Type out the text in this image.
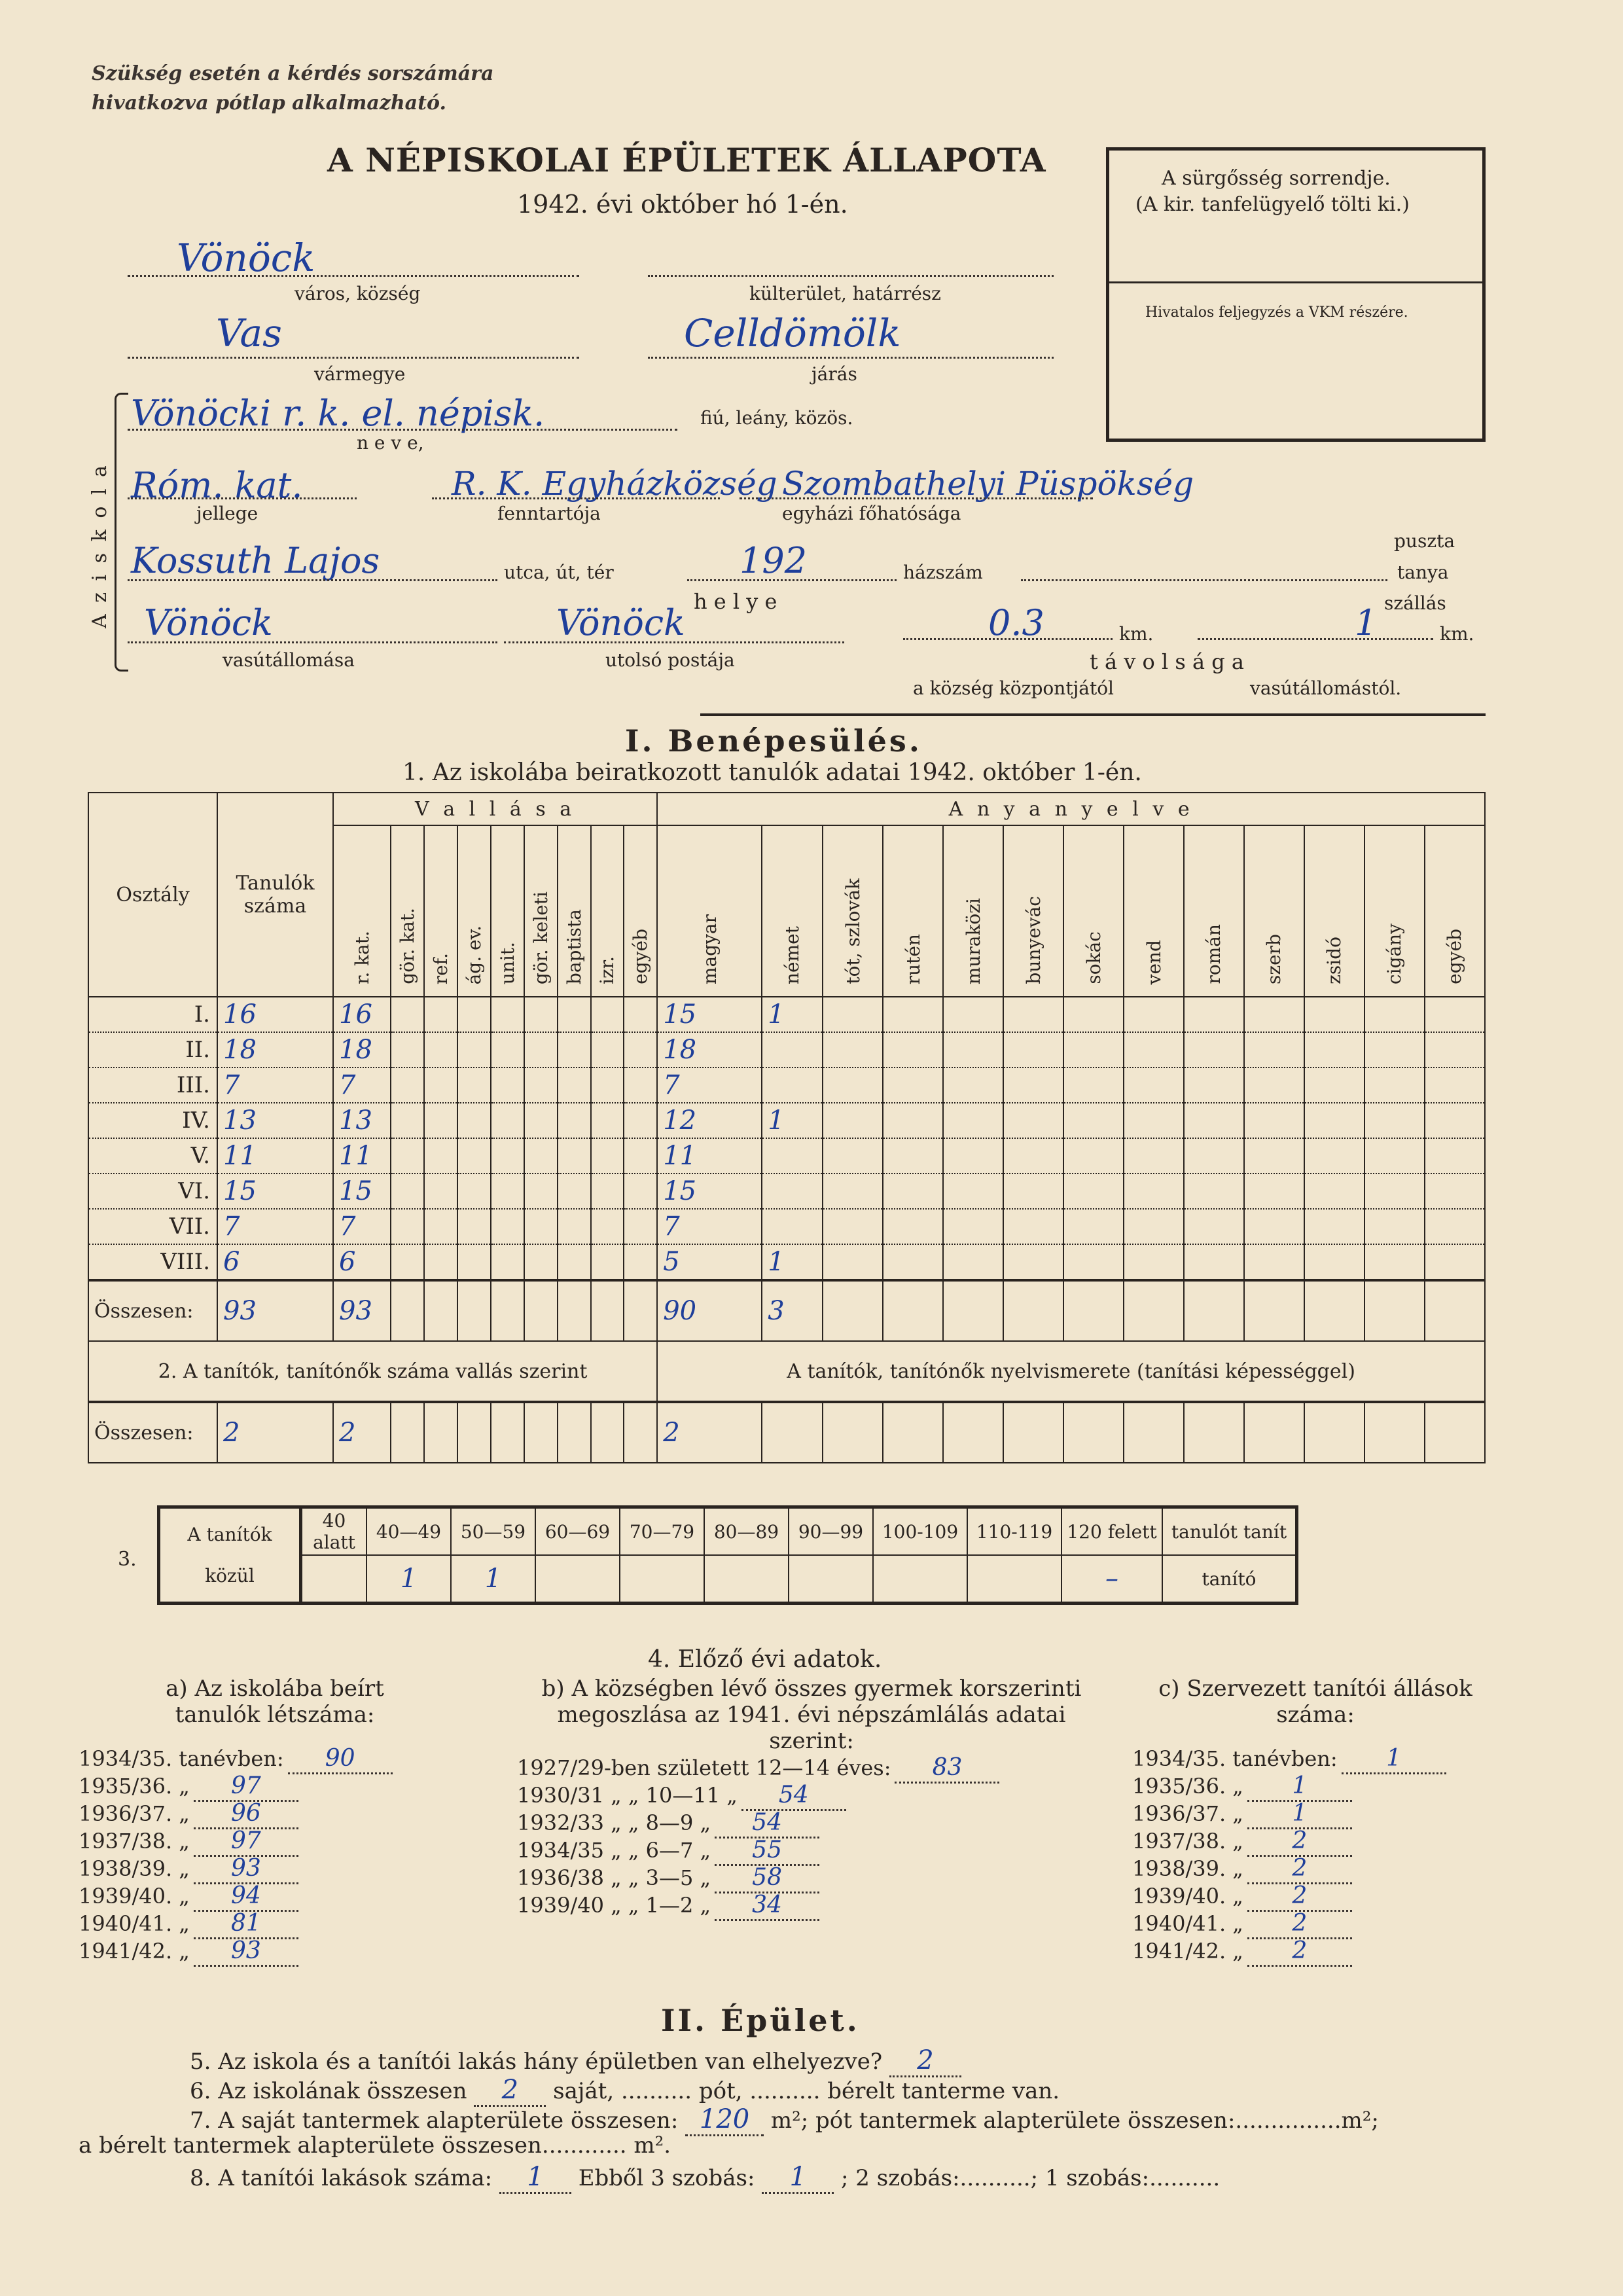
Szükség esetén a kérdés sorszámára
hivatkozva pótlap alkalmazható.
A NÉPISKOLAI ÉPÜLETEK ÁLLAPOTA
1942. évi október hó 1-én.
A sürgősség sorrendje.
(A kir. tanfelügyelő tölti ki.)
Hivatalos feljegyzés a VKM részére.
Vönöck
város, község	külterület, határrész
Vas
vármegye
Celldömölk
járás
A z i s k o l a
Vönöcki r. k. el. népisk.
n e v e,
fiú, leány, közös.
Róm. kat.
jellege
R. K. Egyházközség
fenntartója
Szombathelyi Püspökség
egyházi főhatósága
puszta
Kossuth Lajos	utca, út, tér	192	házszám	tanya
h e l y e	szállás
Vönöck
vasútállomása
Vönöck
utolsó postája
0.3	km.	1	km.
t á v o l s á g a
a község központjától	vasútállomástól.
I. Benépesülés.
1. Az iskolába beiratkozott tanulók adatai 1942. október 1-én.
Osztály	Tanulók száma	V a l l á s a									A n y a n y e l v e												
		r. kat.	gör. kat.	ref.	ág. ev.	unit.	gör. keleti	baptista	izr.	egyéb	magyar	német	tót, szlovák	rutén	muraközi	bunyevác	sokác	vend	román	szerb	zsidó	cigány	egyéb
I.	16	16									15	1											
II.	18	18									18												
III.	7	7									7												
IV.	13	13									12	1											
V.	11	11									11												
VI.	15	15									15												
VII.	7	7									7												
VIII.	6	6									5	1											
Összesen:	93	93									90	3											
2. A tanítók, tanítónők száma vallás szerint											A tanítók, tanítónők nyelvismerete (tanítási képességgel)												
Összesen:	2	2									2												
3.
A tanítók
közül	40 alatt	40—49	50—59	60—69	70—79	80—89	90—99	100-109	110-119	120 felett	tanulót tanít
		1	1							–	tanító
4. Előző évi adatok.
a) Az iskolába beírt
tanulók létszáma:
1934/35. tanévben: 90
1935/36. „ 97
1936/37. „ 96
1937/38. „ 97
1938/39. „ 93
1939/40. „ 94
1940/41. „ 81
1941/42. „ 93
b) A községben lévő összes gyermek korszerinti
megoszlása az 1941. évi népszámlálás adatai
szerint:
1927/29-ben született 12—14 éves: 83
1930/31 „ „ 10—11 „ 54
1932/33 „ „ 8—9 „ 54
1934/35 „ „ 6—7 „ 55
1936/38 „ „ 3—5 „ 58
1939/40 „ „ 1—2 „ 34
c) Szervezett tanítói állások
száma:
1934/35. tanévben: 1
1935/36. „ 1
1936/37. „ 1
1937/38. „ 2
1938/39. „ 2
1939/40. „ 2
1940/41. „ 2
1941/42. „ 2
II. Épület.
5. Az iskola és a tanítói lakás hány épületben van elhelyezve? 2
6. Az iskolának összesen 2 saját, .......... pót, .......... bérelt tanterme van.
7. A saját tantermek alapterülete összesen: 120 m²; pót tantermek alapterülete összesen:...............m²;
a bérelt tantermek alapterülete összesen............ m².
8. A tanítói lakások száma: 1 Ebből 3 szobás: 1 ; 2 szobás:..........; 1 szobás:..........
